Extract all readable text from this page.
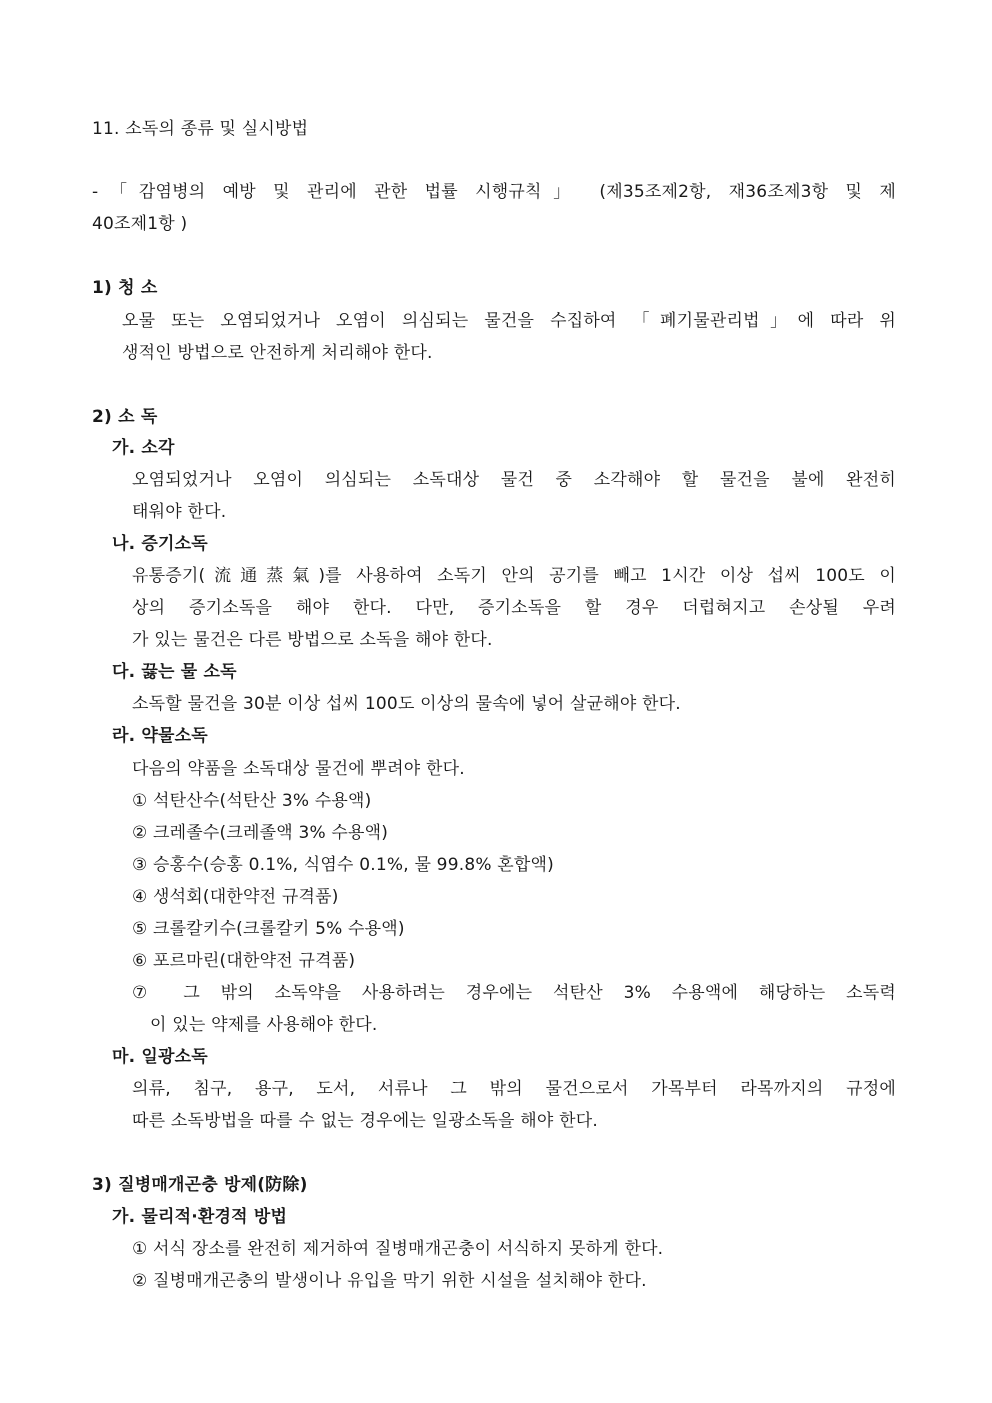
11. 소독의 종류 및 실시방법
-「감염병의 예방 및 관리에 관한 법률 시행규칙」 (제35조제2항, 재36조제3항 및 제
40조제1항 )
1) 청 소
오물 또는 오염되었거나 오염이 의심되는 물건을 수집하여 「폐기물관리법」에 따라 위
생적인 방법으로 안전하게 처리해야 한다.
2) 소 독
가. 소각
오염되었거나 오염이 의심되는 소독대상 물건 중 소각해야 할 물건을 불에 완전히
태워야 한다.
나. 증기소독
유통증기(流通蒸氣)를 사용하여 소독기 안의 공기를 빼고 1시간 이상 섭씨 100도 이
상의 증기소독을 해야 한다. 다만, 증기소독을 할 경우 더럽혀지고 손상될 우려
가 있는 물건은 다른 방법으로 소독을 해야 한다.
다. 끓는 물 소독
소독할 물건을 30분 이상 섭씨 100도 이상의 물속에 넣어 살균해야 한다.
라. 약물소독
다음의 약품을 소독대상 물건에 뿌려야 한다.
① 석탄산수(석탄산 3% 수용액)
② 크레졸수(크레졸액 3% 수용액)
③ 승홍수(승홍 0.1%, 식염수 0.1%, 물 99.8% 혼합액)
④ 생석회(대한약전 규격품)
⑤ 크롤칼키수(크롤칼키 5% 수용액)
⑥ 포르마린(대한약전 규격품)
⑦ 그 밖의 소독약을 사용하려는 경우에는 석탄산 3% 수용액에 해당하는 소독력
이 있는 약제를 사용해야 한다.
마. 일광소독
의류, 침구, 용구, 도서, 서류나 그 밖의 물건으로서 가목부터 라목까지의 규정에
따른 소독방법을 따를 수 없는 경우에는 일광소독을 해야 한다.
3) 질병매개곤충 방제(防除)
가. 물리적·환경적 방법
① 서식 장소를 완전히 제거하여 질병매개곤충이 서식하지 못하게 한다.
② 질병매개곤충의 발생이나 유입을 막기 위한 시설을 설치해야 한다.
